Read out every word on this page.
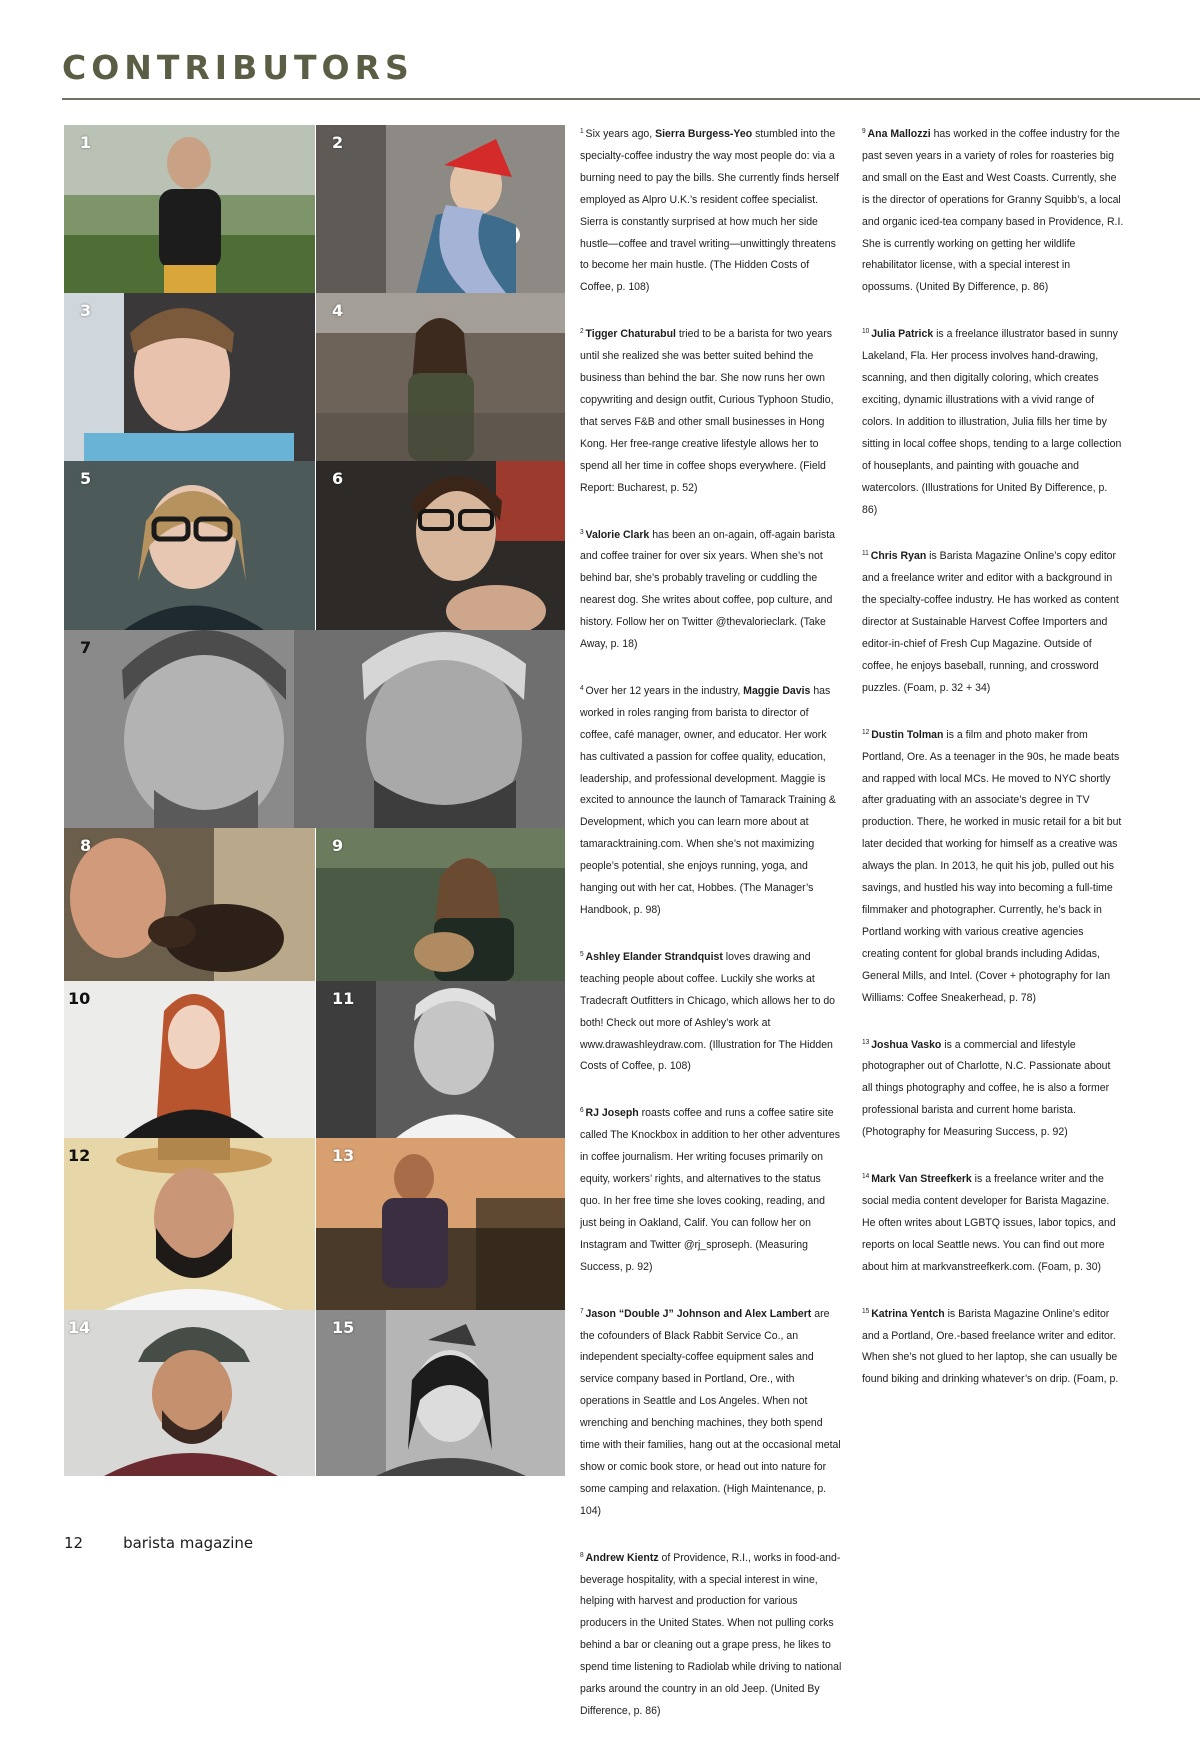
CONTRIBUTORS
1	2
3	4
5	6
7
8	9
10	11
12	13
14	15

$^1$ Six years ago, Sierra Burgess-Yeo stumbled into the specialty-coffee industry the way most people do: via a burning need to pay the bills. She currently finds herself employed as Alpro U.K.’s resident coffee specialist. Sierra is constantly surprised at how much her side hustle—coffee and travel writing—unwittingly threatens to become her main hustle. (The Hidden Costs of Coffee, p. 108)

$^2$ Tigger Chaturabul tried to be a barista for two years until she realized she was better suited behind the business than behind the bar. She now runs her own copywriting and design outfit, Curious Typhoon Studio, that serves F&B and other small businesses in Hong Kong. Her free-range creative lifestyle allows her to spend all her time in coffee shops everywhere. (Field Report: Bucharest, p. 52)

$^3$ Valorie Clark has been an on-again, off-again barista and coffee trainer for over six years. When she’s not behind bar, she’s probably traveling or cuddling the nearest dog. She writes about coffee, pop culture, and history. Follow her on Twitter @thevalorieclark. (Take Away, p. 18)

$^4$ Over her 12 years in the industry, Maggie Davis has worked in roles ranging from barista to director of coffee, café manager, owner, and educator. Her work has cultivated a passion for coffee quality, education, leadership, and professional development. Maggie is excited to announce the launch of Tamarack Training & Development, which you can learn more about at tamaracktraining.com. When she’s not maximizing people’s potential, she enjoys running, yoga, and hanging out with her cat, Hobbes. (The Manager’s Handbook, p. 98)

$^5$ Ashley Elander Strandquist loves drawing and teaching people about coffee. Luckily she works at Tradecraft Outfitters in Chicago, which allows her to do both! Check out more of Ashley’s work at www.drawashleydraw.com. (Illustration for The Hidden Costs of Coffee, p. 108)

$^6$ RJ Joseph roasts coffee and runs a coffee satire site called The Knockbox in addition to her other adventures in coffee journalism. Her writing focuses primarily on equity, workers’ rights, and alternatives to the status quo. In her free time she loves cooking, reading, and just being in Oakland, Calif. You can follow her on Instagram and Twitter @rj_sproseph. (Measuring Success, p. 92)

$^7$ Jason “Double J” Johnson and Alex Lambert are the cofounders of Black Rabbit Service Co., an independent specialty-coffee equipment sales and service company based in Portland, Ore., with operations in Seattle and Los Angeles. When not wrenching and benching machines, they both spend time with their families, hang out at the occasional metal show or comic book store, or head out into nature for some camping and relaxation. (High Maintenance, p. 104)

$^8$ Andrew Kientz of Providence, R.I., works in food-and-beverage hospitality, with a special interest in wine, helping with harvest and production for various producers in the United States. When not pulling corks behind a bar or cleaning out a grape press, he likes to spend time listening to Radiolab while driving to national parks around the country in an old Jeep. (United By Difference, p. 86)

$^9$ Ana Mallozzi has worked in the coffee industry for the past seven years in a variety of roles for roasteries big and small on the East and West Coasts. Currently, she is the director of operations for Granny Squibb’s, a local and organic iced-tea company based in Providence, R.I. She is currently working on getting her wildlife rehabilitator license, with a special interest in opossums. (United By Difference, p. 86)

$^{10}$ Julia Patrick is a freelance illustrator based in sunny Lakeland, Fla. Her process involves hand-drawing, scanning, and then digitally coloring, which creates exciting, dynamic illustrations with a vivid range of colors. In addition to illustration, Julia fills her time by sitting in local coffee shops, tending to a large collection of houseplants, and painting with gouache and watercolors. (Illustrations for United By Difference, p. 86)

$^{11}$ Chris Ryan is Barista Magazine Online’s copy editor and a freelance writer and editor with a background in the specialty-coffee industry. He has worked as content director at Sustainable Harvest Coffee Importers and editor-in-chief of Fresh Cup Magazine. Outside of coffee, he enjoys baseball, running, and crossword puzzles. (Foam, p. 32 + 34)

$^{12}$ Dustin Tolman is a film and photo maker from Portland, Ore. As a teenager in the 90s, he made beats and rapped with local MCs. He moved to NYC shortly after graduating with an associate’s degree in TV production. There, he worked in music retail for a bit but later decided that working for himself as a creative was always the plan. In 2013, he quit his job, pulled out his savings, and hustled his way into becoming a full-time filmmaker and photographer. Currently, he’s back in Portland working with various creative agencies creating content for global brands including Adidas, General Mills, and Intel. (Cover + photography for Ian Williams: Coffee Sneakerhead, p. 78)

$^{13}$ Joshua Vasko is a commercial and lifestyle photographer out of Charlotte, N.C. Passionate about all things photography and coffee, he is also a former professional barista and current home barista. (Photography for Measuring Success, p. 92)

$^{14}$ Mark Van Streefkerk is a freelance writer and the social media content developer for Barista Magazine. He often writes about LGBTQ issues, labor topics, and reports on local Seattle news. You can find out more about him at markvanstreefkerk.com. (Foam, p. 30)

$^{15}$ Katrina Yentch is Barista Magazine Online’s editor and a Portland, Ore.-based freelance writer and editor. When she’s not glued to her laptop, she can usually be found biking and drinking whatever’s on drip. (Foam, p.

12	barista magazine
